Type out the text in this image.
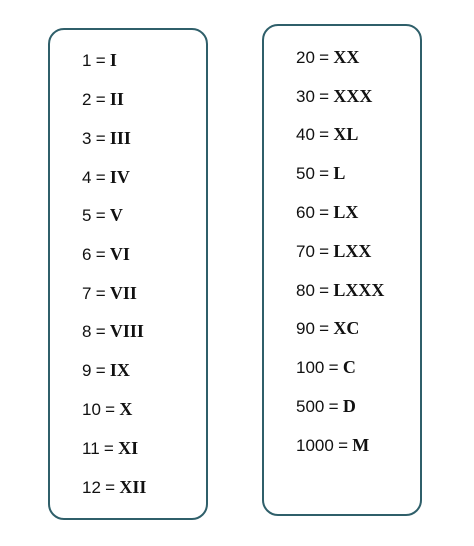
1 = I
2 = II
3 = III
4 = IV
5 = V
6 = VI
7 = VII
8 = VIII
9 = IX
10 = X
11 = XI
12 = XII
20 = XX
30 = XXX
40 = XL
50 = L
60 = LX
70 = LXX
80 = LXXX
90 = XC
100 = C
500 = D
1000 = M
